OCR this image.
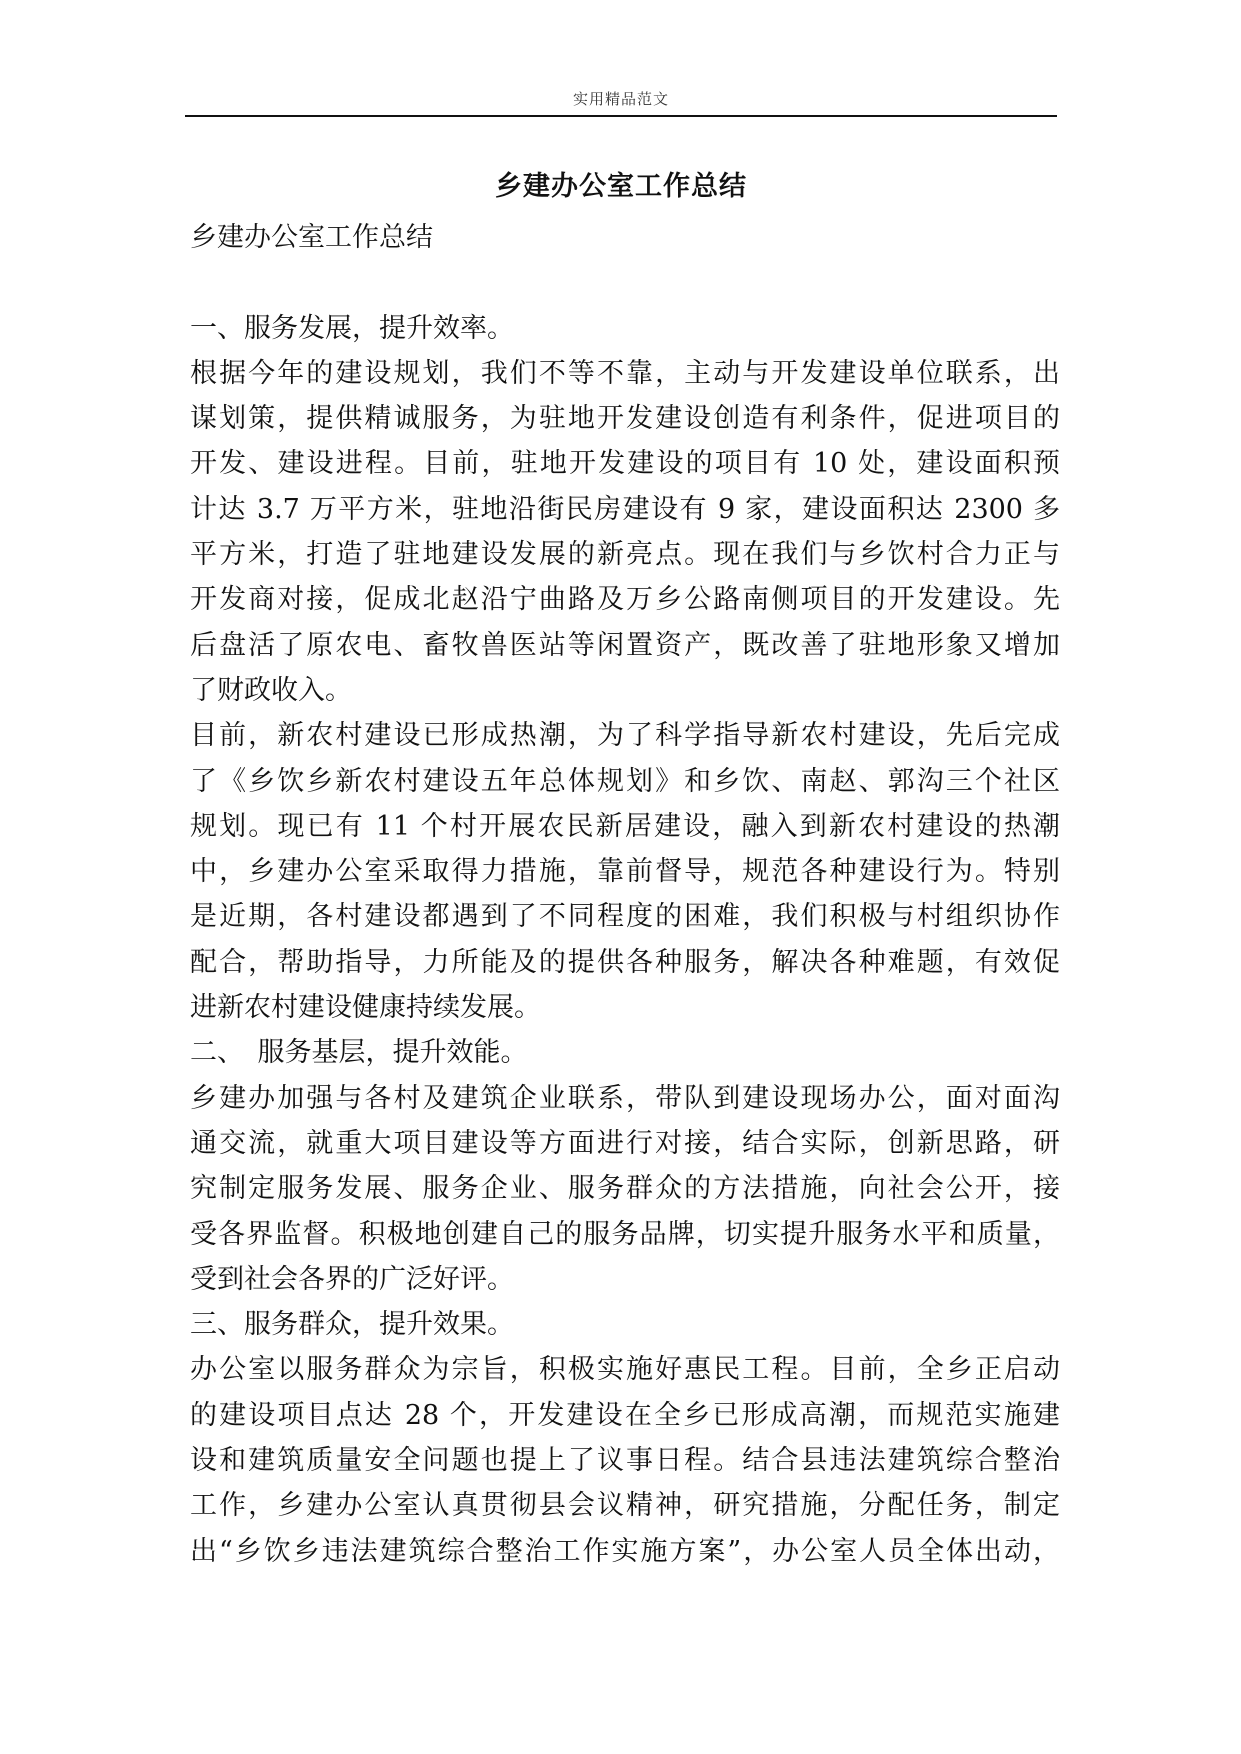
实用精品范文
乡建办公室工作总结
乡建办公室工作总结
一、服务发展，提升效率。
根据今年的建设规划，我们不等不靠，主动与开发建设单位联系，出
谋划策，提供精诚服务，为驻地开发建设创造有利条件，促进项目的
开发、建设进程。目前，驻地开发建设的项目有 10 处，建设面积预
计达 3.7 万平方米，驻地沿街民房建设有 9 家，建设面积达 2300 多
平方米，打造了驻地建设发展的新亮点。现在我们与乡饮村合力正与
开发商对接，促成北赵沿宁曲路及万乡公路南侧项目的开发建设。先
后盘活了原农电、畜牧兽医站等闲置资产，既改善了驻地形象又增加
了财政收入。
目前，新农村建设已形成热潮，为了科学指导新农村建设，先后完成
了《乡饮乡新农村建设五年总体规划》和乡饮、南赵、郭沟三个社区
规划。现已有 11 个村开展农民新居建设，融入到新农村建设的热潮
中，乡建办公室采取得力措施，靠前督导，规范各种建设行为。特别
是近期，各村建设都遇到了不同程度的困难，我们积极与村组织协作
配合，帮助指导，力所能及的提供各种服务，解决各种难题，有效促
进新农村建设健康持续发展。
二、　服务基层，提升效能。
乡建办加强与各村及建筑企业联系，带队到建设现场办公，面对面沟
通交流，就重大项目建设等方面进行对接，结合实际，创新思路，研
究制定服务发展、服务企业、服务群众的方法措施，向社会公开，接
受各界监督。积极地创建自己的服务品牌，切实提升服务水平和质量，
受到社会各界的广泛好评。
三、服务群众，提升效果。
办公室以服务群众为宗旨，积极实施好惠民工程。目前，全乡正启动
的建设项目点达 28 个，开发建设在全乡已形成高潮，而规范实施建
设和建筑质量安全问题也提上了议事日程。结合县违法建筑综合整治
工作，乡建办公室认真贯彻县会议精神，研究措施，分配任务，制定
出“乡饮乡违法建筑综合整治工作实施方案”，办公室人员全体出动，
